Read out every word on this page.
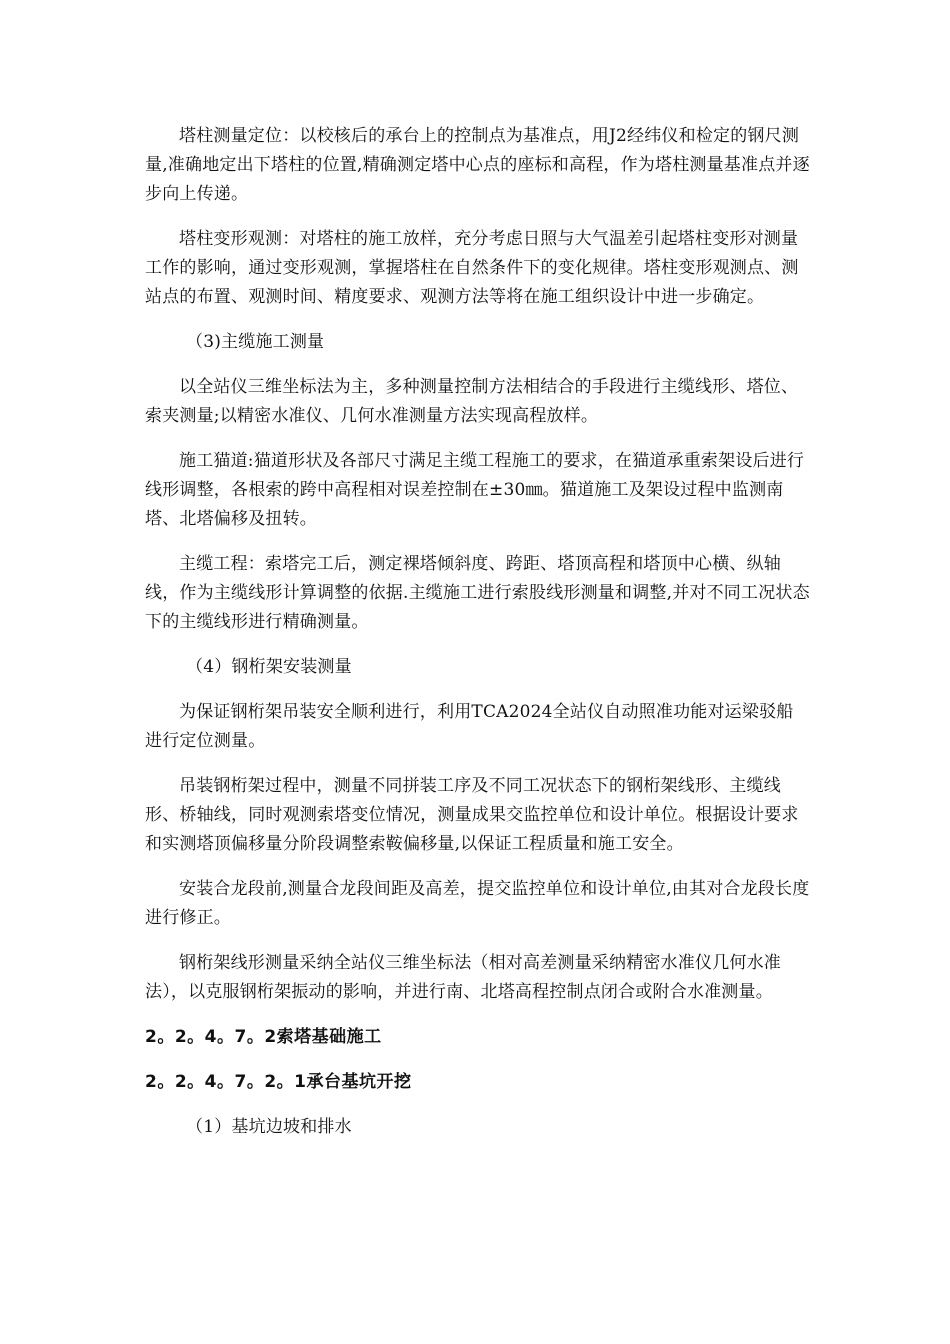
塔柱测量定位：以校核后的承台上的控制点为基准点，用J2经纬仪和检定的钢尺测量,准确地定出下塔柱的位置,精确测定塔中心点的座标和高程，作为塔柱测量基准点并逐步向上传递。

塔柱变形观测：对塔柱的施工放样，充分考虑日照与大气温差引起塔柱变形对测量工作的影响，通过变形观测，掌握塔柱在自然条件下的变化规律。塔柱变形观测点、测站点的布置、观测时间、精度要求、观测方法等将在施工组织设计中进一步确定。

（3)主缆施工测量

以全站仪三维坐标法为主，多种测量控制方法相结合的手段进行主缆线形、塔位、索夹测量;以精密水准仪、几何水准测量方法实现高程放样。

施工猫道:猫道形状及各部尺寸满足主缆工程施工的要求，在猫道承重索架设后进行线形调整，各根索的跨中高程相对误差控制在±30㎜。猫道施工及架设过程中监测南塔、北塔偏移及扭转。

主缆工程：索塔完工后，测定裸塔倾斜度、跨距、塔顶高程和塔顶中心横、纵轴线，作为主缆线形计算调整的依据.主缆施工进行索股线形测量和调整,并对不同工况状态下的主缆线形进行精确测量。

（4）钢桁架安装测量

为保证钢桁架吊装安全顺利进行，利用TCA2024全站仪自动照准功能对运梁驳船进行定位测量。

吊装钢桁架过程中，测量不同拼装工序及不同工况状态下的钢桁架线形、主缆线形、桥轴线，同时观测索塔变位情况，测量成果交监控单位和设计单位。根据设计要求和实测塔顶偏移量分阶段调整索鞍偏移量,以保证工程质量和施工安全。

安装合龙段前,测量合龙段间距及高差，提交监控单位和设计单位,由其对合龙段长度进行修正。

钢桁架线形测量采纳全站仪三维坐标法（相对高差测量采纳精密水准仪几何水准法），以克服钢桁架振动的影响，并进行南、北塔高程控制点闭合或附合水准测量。

2。2。4。7。2索塔基础施工

2。2。4。7。2。1承台基坑开挖

（1）基坑边坡和排水
